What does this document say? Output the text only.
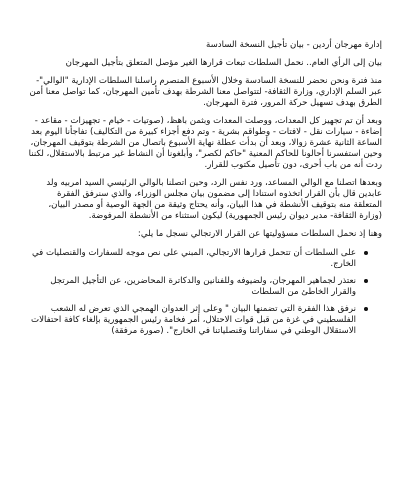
إدارة مهرجان أردين - بيان تأجيل النسخة السادسة
بيان إلى الرأي العام.. نحمل السلطات تبعات قرارها الغير مؤصل المتعلق بتأجيل المهرجان
منذ فترة ونحن نحضر للنسخة السادسة وخلال الأسبوع المنصرم راسلنا السلطات الإدارية "الوالي"- عبر السلم الإداري، وزارة الثقافة- لتتواصل معنا الشرطة بهدف تأمين المهرجان، كما تواصل معنا أمن الطرق بهدف تسهيل حركة المرور، فترة المهرجان.
وبعد أن تم تجهيز كل المعدات، ووصلت المعدات وبثمن باهظ، (صوتيات - خيام - تجهيزات - مقاعد - إضاءة - سيارات نقل - لافتات - وطواقم بشرية - وتم دفع أجزاء كبيرة من التكاليف) تفاجأنا اليوم بعد الساعة الثانية عشرة زوالا، وبعد أن بدأت عطلة نهاية الأسبوع باتصال من الشرطة بتوقيف المهرجان، وحين استفسرنا أحالونا للحاكم المعنية "حاكم لكصر"، وأبلغونا أن النشاط غير مرتبط بالاستقلال، لكننا ردت أنه من باب أحرى، دون تأصيل مكتوب للقرار.
وبعدها اتصلنا مع الوالي المساعد، ورد نفس الرد، وحين اتصلنا بالوالي الرئيسي السيد امربيه ولد عابدين قال بأن القرار اتخذوه استنادا إلى مضمون بيان مجلس الوزراء، والذي سنرفق الفقرة المتعلقة منه بتوقيف الأنشطة في هذا البيان، وأنه يحتاج وثيقة من الجهة الوصية أو مصدر البيان، (وزارة الثقافة- مدير ديوان رئيس الجمهورية) ليكون استثناء من الأنشطة المرفوضة.
وهنا إذ نحمل السلطات مسؤوليتها عن القرار الارتجالي نسجل ما يلي:
على السلطات أن تتحمل قرارها الارتجالي، المبني على نص موجه للسفارات والقنصليات في الخارج.
نعتذر لجماهير المهرجان، ولضيوفه وللفنانين والدكاترة المحاضرين، عن التأجيل المرتجل والقرار الخاطئ من السلطات
نرفق هذا الفقرة التي تضمنها البيان " وعلى إثر العدوان الهمجي الذي تعرض له الشعب الفلسطيني في غزة من قبل قوات الاحتلال، أمر فخامة رئيس الجمهورية بإلغاء كافة احتفالات الاستقلال الوطني في سفاراتنا وقنصلياتنا في الخارج". (صورة مرفقة)
